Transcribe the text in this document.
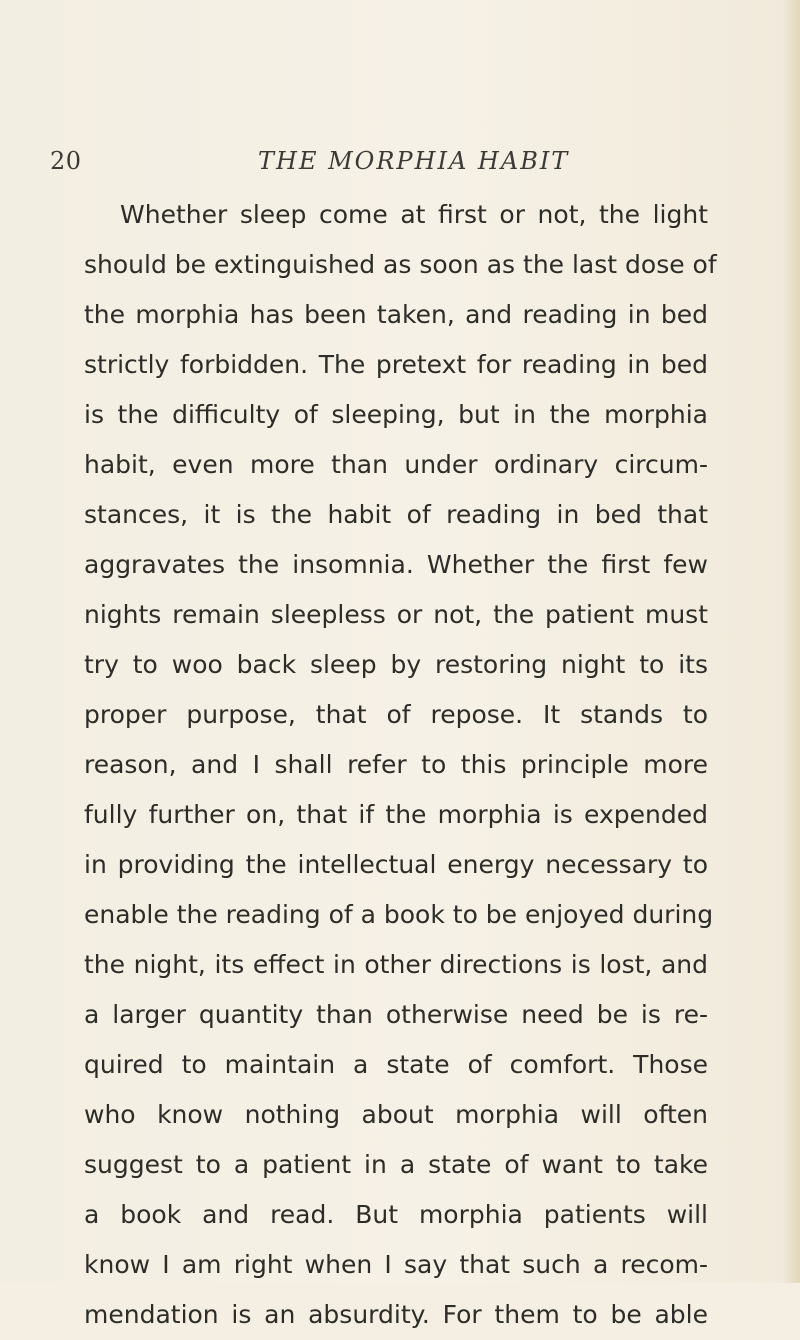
20	THE MORPHIA HABIT
Whether sleep come at first or not, the light
should be extinguished as soon as the last dose of
the morphia has been taken, and reading in bed
strictly forbidden. The pretext for reading in bed
is the difficulty of sleeping, but in the morphia
habit, even more than under ordinary circum-
stances, it is the habit of reading in bed that
aggravates the insomnia. Whether the first few
nights remain sleepless or not, the patient must
try to woo back sleep by restoring night to its
proper purpose, that of repose. It stands to
reason, and I shall refer to this principle more
fully further on, that if the morphia is expended
in providing the intellectual energy necessary to
enable the reading of a book to be enjoyed during
the night, its effect in other directions is lost, and
a larger quantity than otherwise need be is re-
quired to maintain a state of comfort. Those
who know nothing about morphia will often
suggest to a patient in a state of want to take
a book and read. But morphia patients will
know I am right when I say that such a recom-
mendation is an absurdity. For them to be able
